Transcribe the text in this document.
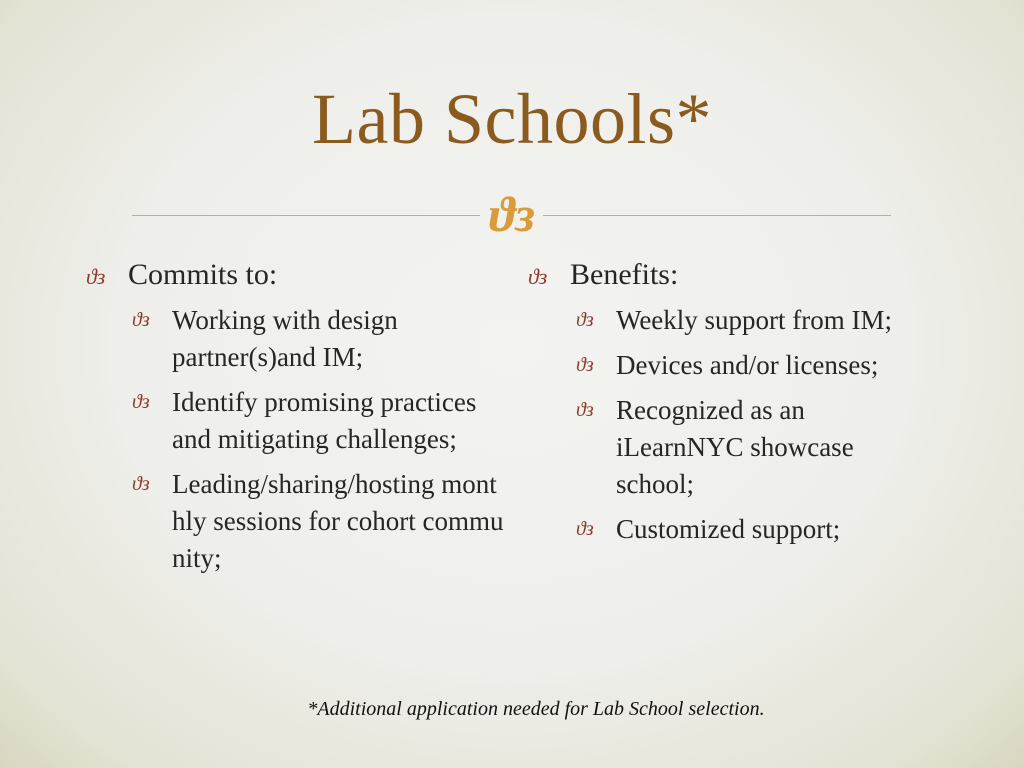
Lab Schools*
ϑз
ϑз Commits to:
ϑз Working with design partner(s)and IM;
ϑз Identify promising practices and mitigating challenges;
ϑз Leading/sharing/hosting monthly sessions for cohort community;
ϑз Benefits:
ϑз Weekly support from IM;
ϑз Devices and/or licenses;
ϑз Recognized as an iLearnNYC showcase school;
ϑз Customized support;
*Additional application needed for Lab School selection.
